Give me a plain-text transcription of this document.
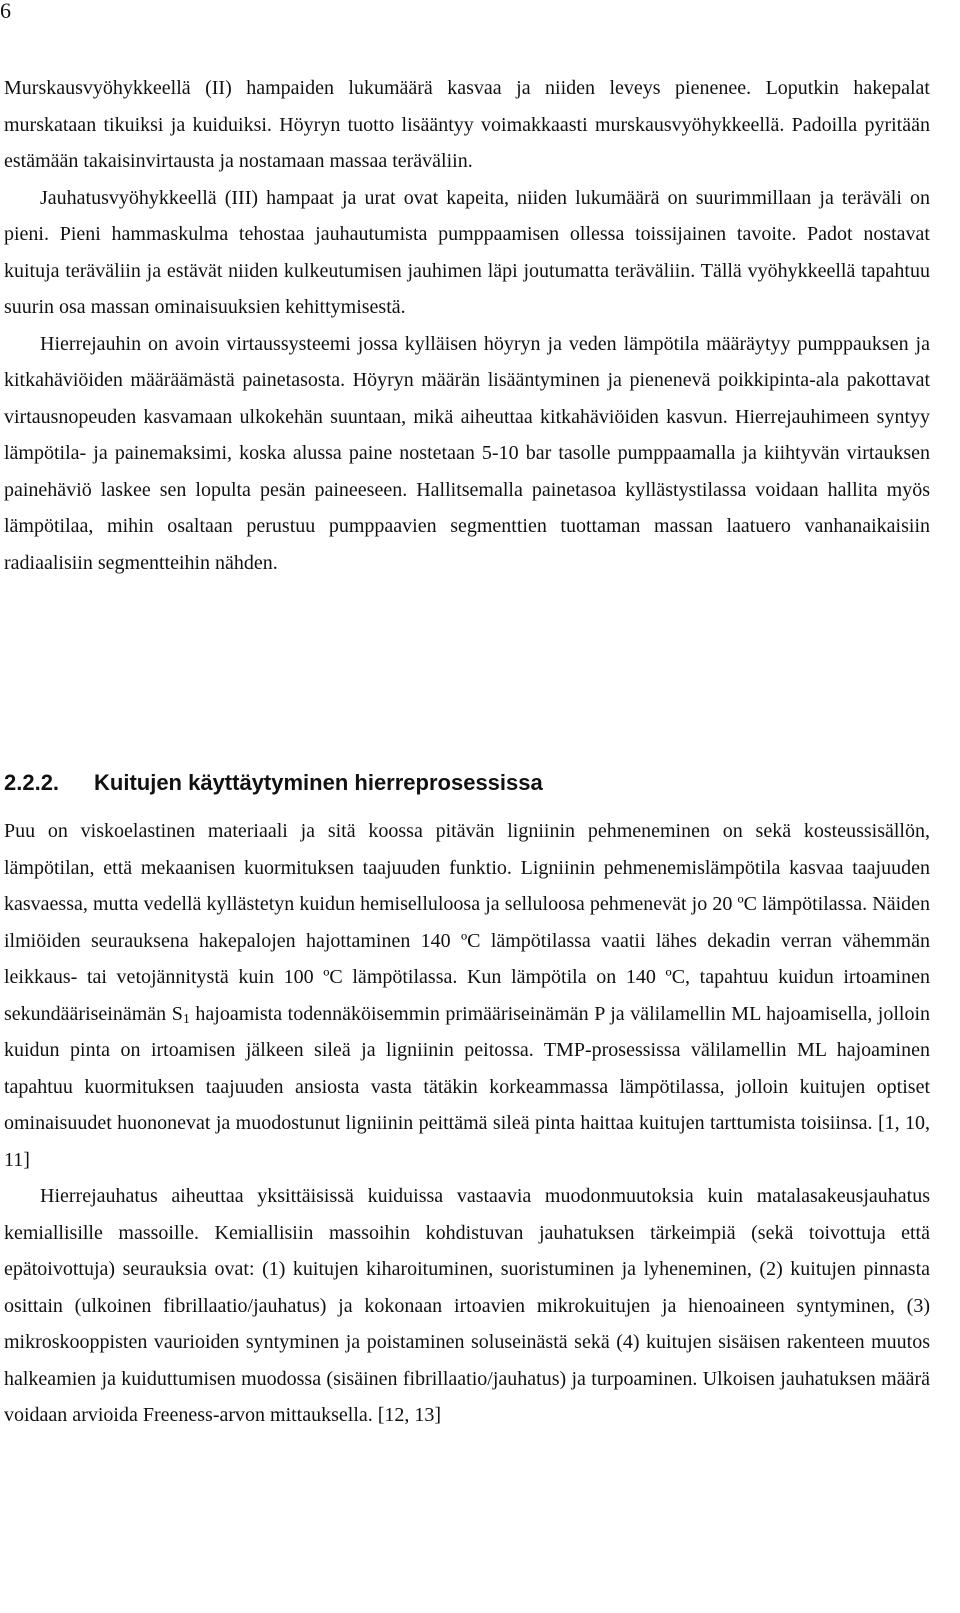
6

Murskausvyöhykkeellä (II) hampaiden lukumäärä kasvaa ja niiden leveys pienenee. Loputkin hakepalat murskataan tikuiksi ja kuiduiksi. Höyryn tuotto lisääntyy voimakkaasti murskausvyöhykkeellä. Padoilla pyritään estämään takaisinvirtausta ja nostamaan massaa teräväliin.

Jauhatusvyöhykkeellä (III) hampaat ja urat ovat kapeita, niiden lukumäärä on suurimmillaan ja teräväli on pieni. Pieni hammaskulma tehostaa jauhautumista pumppaamisen ollessa toissijainen tavoite. Padot nostavat kuituja teräväliin ja estävät niiden kulkeutumisen jauhimen läpi joutumatta teräväliin. Tällä vyöhykkeellä tapahtuu suurin osa massan ominaisuuksien kehittymisestä.

Hierrejauhin on avoin virtaussysteemi jossa kylläisen höyryn ja veden lämpötila määräytyy pumppauksen ja kitkahäviöiden määräämästä painetasosta. Höyryn määrän lisääntyminen ja pienenevä poikkipinta-ala pakottavat virtausnopeuden kasvamaan ulkokehän suuntaan, mikä aiheuttaa kitkahäviöiden kasvun. Hierrejauhimeen syntyy lämpötila- ja painemaksimi, koska alussa paine nostetaan 5-10 bar tasolle pumppaamalla ja kiihtyvän virtauksen painehäviö laskee sen lopulta pesän paineeseen. Hallitsemalla painetasoa kyllästystilassa voidaan hallita myös lämpötilaa, mihin osaltaan perustuu pumppaavien segmenttien tuottaman massan laatuero vanhanaikaisiin radiaalisiin segmentteihin nähden.

2.2.2. Kuitujen käyttäytyminen hierreprosessissa

Puu on viskoelastinen materiaali ja sitä koossa pitävän ligniinin pehmeneminen on sekä kosteussisällön, lämpötilan, että mekaanisen kuormituksen taajuuden funktio. Ligniinin pehmenemislämpötila kasvaa taajuuden kasvaessa, mutta vedellä kyllästetyn kuidun hemiselluloosa ja selluloosa pehmenevät jo 20 ºC lämpötilassa. Näiden ilmiöiden seurauksena hakepalojen hajottaminen 140 ºC lämpötilassa vaatii lähes dekadin verran vähemmän leikkaus- tai vetojännitystä kuin 100 ºC lämpötilassa. Kun lämpötila on 140 ºC, tapahtuu kuidun irtoaminen sekundääriseinämän $S_1$ hajoamista todennäköisemmin primääriseinämän P ja välilamellin ML hajoamisella, jolloin kuidun pinta on irtoamisen jälkeen sileä ja ligniinin peitossa. TMP-prosessissa välilamellin ML hajoaminen tapahtuu kuormituksen taajuuden ansiosta vasta tätäkin korkeammassa lämpötilassa, jolloin kuitujen optiset ominaisuudet huononevat ja muodostunut ligniinin peittämä sileä pinta haittaa kuitujen tarttumista toisiinsa. [1, 10, 11]

Hierrejauhatus aiheuttaa yksittäisissä kuiduissa vastaavia muodonmuutoksia kuin matalasakeusjauhatus kemiallisille massoille. Kemiallisiin massoihin kohdistuvan jauhatuksen tärkeimpiä (sekä toivottuja että epätoivottuja) seurauksia ovat: (1) kuitujen kiharoituminen, suoristuminen ja lyheneminen, (2) kuitujen pinnasta osittain (ulkoinen fibrillaatio/jauhatus) ja kokonaan irtoavien mikrokuitujen ja hienoaineen syntyminen, (3) mikroskooppisten vaurioiden syntyminen ja poistaminen soluseinästä sekä (4) kuitujen sisäisen rakenteen muutos halkeamien ja kuiduttumisen muodossa (sisäinen fibrillaatio/jauhatus) ja turpoaminen. Ulkoisen jauhatuksen määrä voidaan arvioida Freeness-arvon mittauksella. [12, 13]
